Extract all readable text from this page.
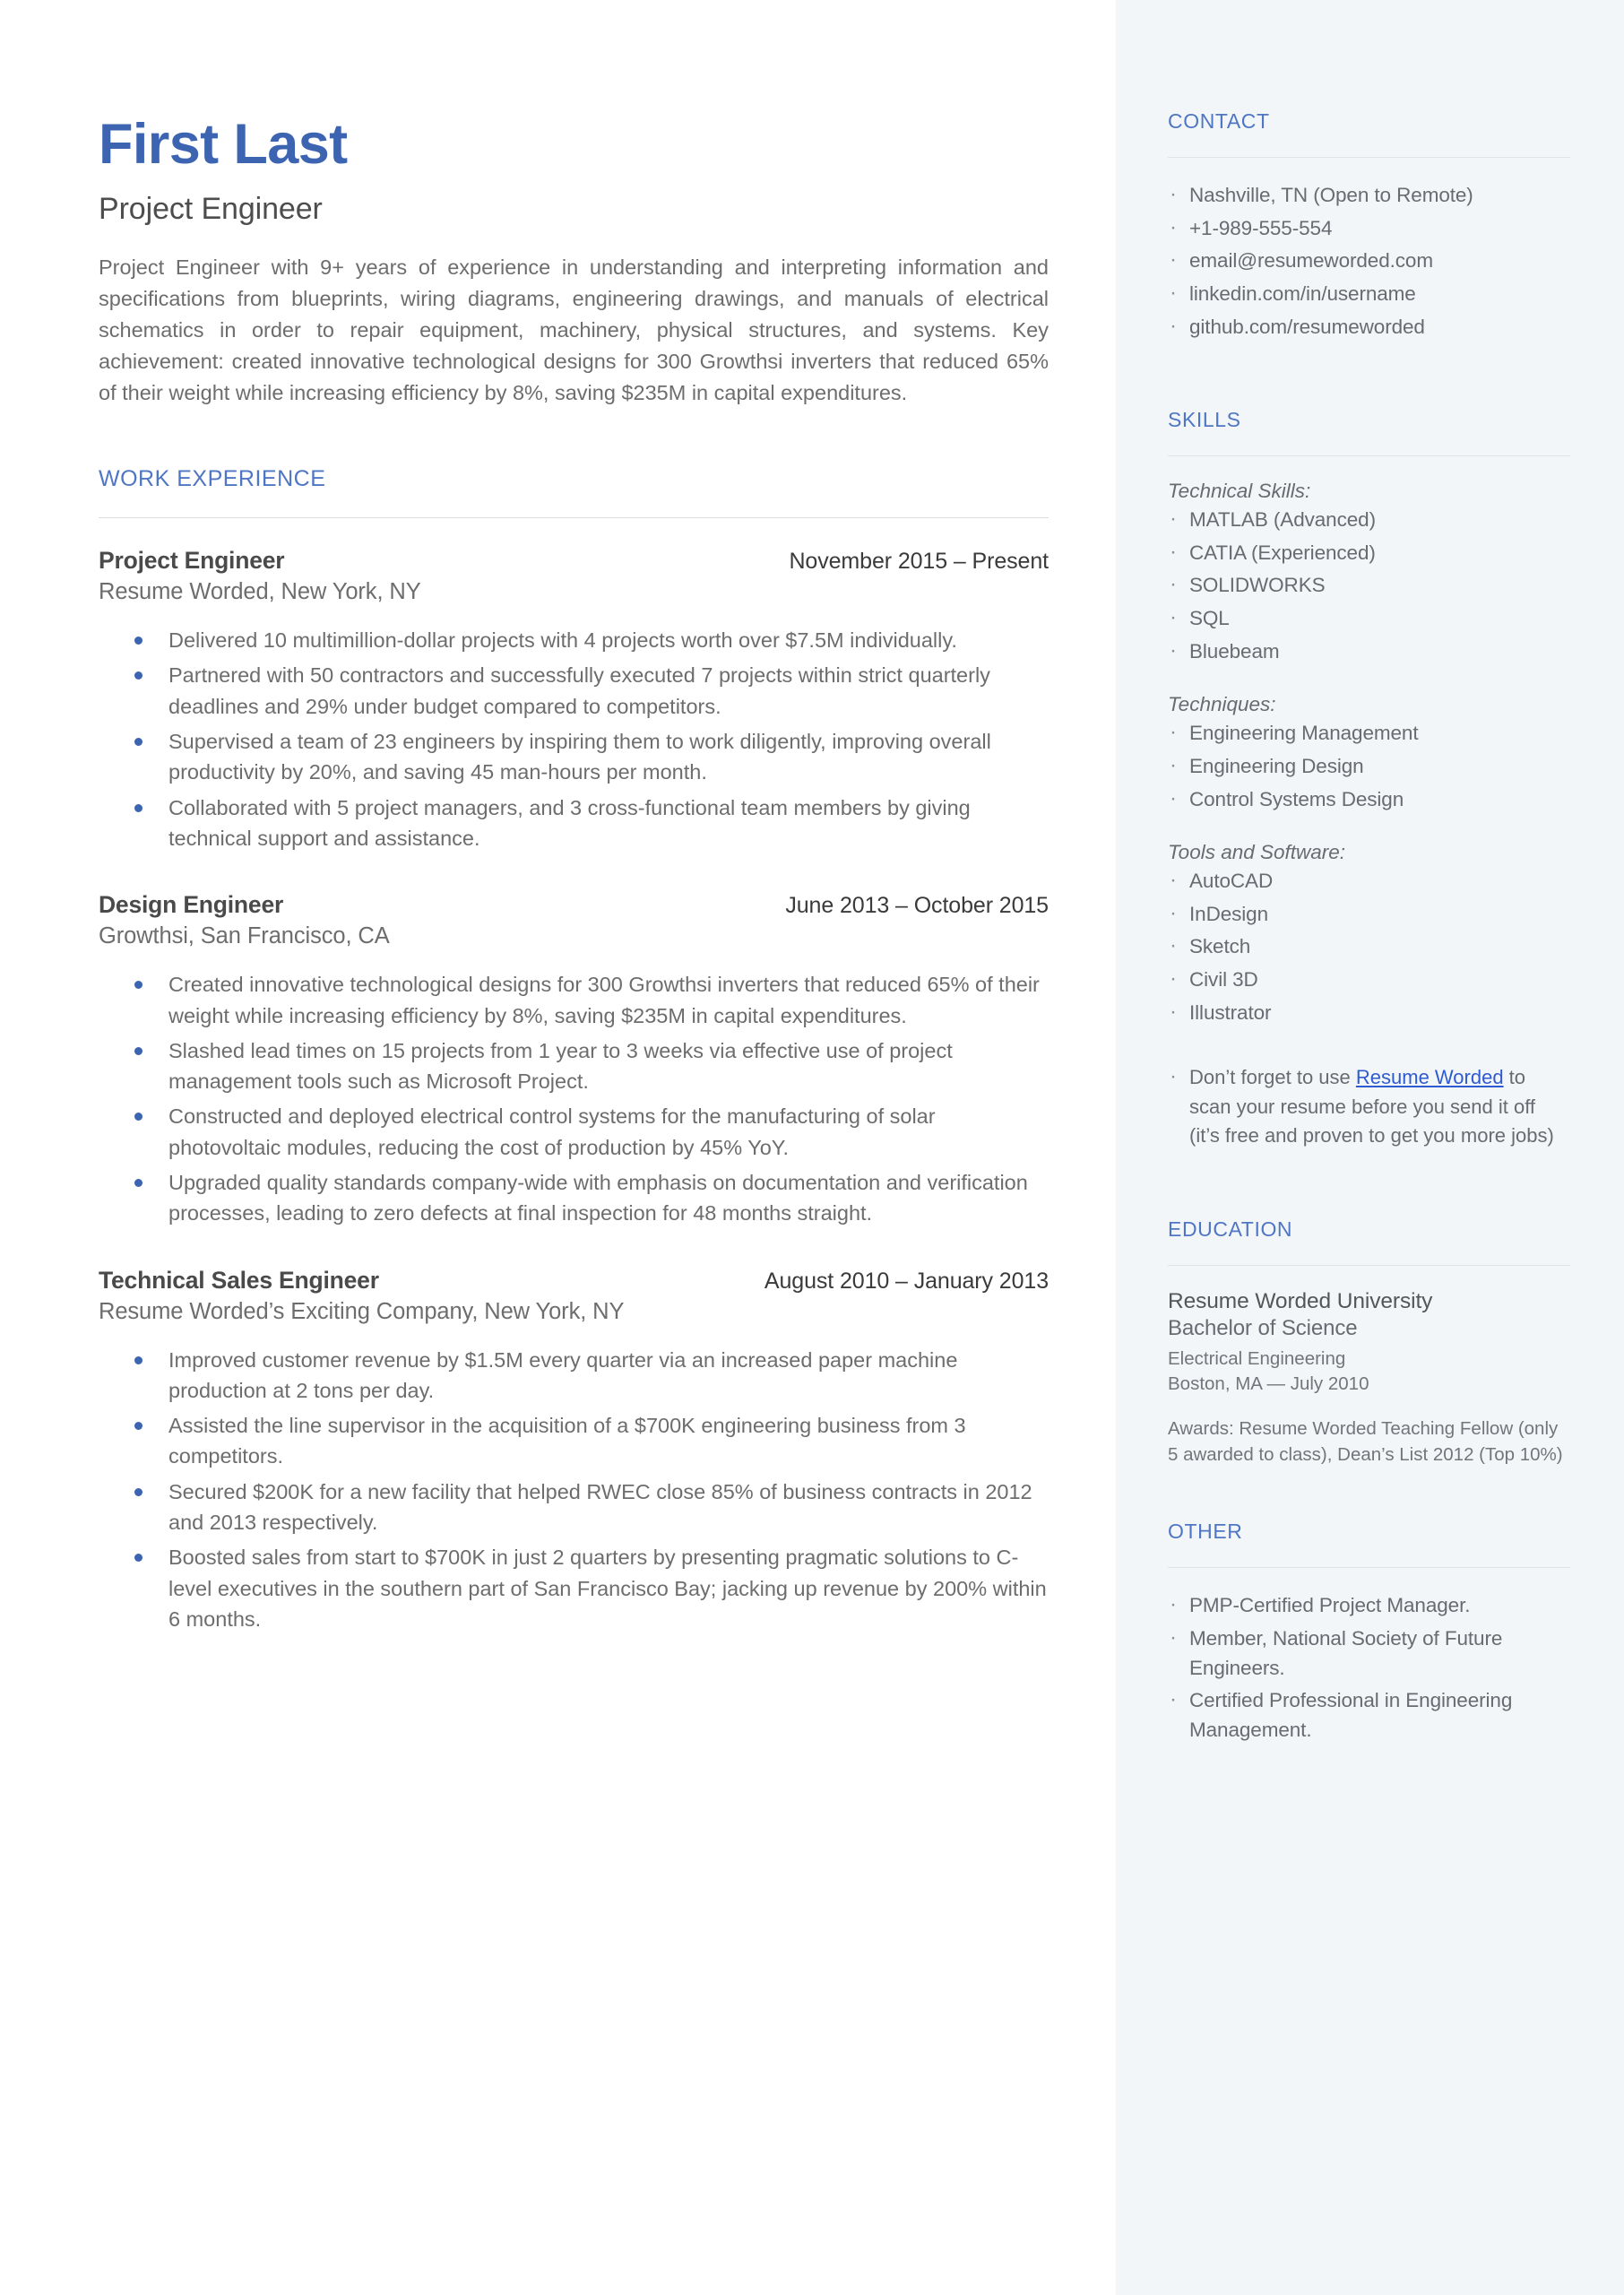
First Last
Project Engineer

Project Engineer with 9+ years of experience in understanding and interpreting information and specifications from blueprints, wiring diagrams, engineering drawings, and manuals of electrical schematics in order to repair equipment, machinery, physical structures, and systems. Key achievement: created innovative technological designs for 300 Growthsi inverters that reduced 65% of their weight while increasing efficiency by 8%, saving $235M in capital expenditures.

WORK EXPERIENCE
Project Engineer	November 2015 – Present
Resume Worded, New York, NY
Delivered 10 multimillion-dollar projects with 4 projects worth over $7.5M individually.
Partnered with 50 contractors and successfully executed 7 projects within strict quarterly deadlines and 29% under budget compared to competitors.
Supervised a team of 23 engineers by inspiring them to work diligently, improving overall productivity by 20%, and saving 45 man-hours per month.
Collaborated with 5 project managers, and 3 cross-functional team members by giving technical support and assistance.
Design Engineer	June 2013 – October 2015
Growthsi, San Francisco, CA
Created innovative technological designs for 300 Growthsi inverters that reduced 65% of their weight while increasing efficiency by 8%, saving $235M in capital expenditures.
Slashed lead times on 15 projects from 1 year to 3 weeks via effective use of project management tools such as Microsoft Project.
Constructed and deployed electrical control systems for the manufacturing of solar photovoltaic modules, reducing the cost of production by 45% YoY.
Upgraded quality standards company-wide with emphasis on documentation and verification processes, leading to zero defects at final inspection for 48 months straight.
Technical Sales Engineer	August 2010 – January 2013
Resume Worded’s Exciting Company, New York, NY
Improved customer revenue by $1.5M every quarter via an increased paper machine production at 2 tons per day.
Assisted the line supervisor in the acquisition of a $700K engineering business from 3 competitors.
Secured $200K for a new facility that helped RWEC close 85% of business contracts in 2012 and 2013 respectively.
Boosted sales from start to $700K in just 2 quarters by presenting pragmatic solutions to C- level executives in the southern part of San Francisco Bay; jacking up revenue by 200% within 6 months.
CONTACT
· Nashville, TN (Open to Remote)
· +1-989-555-554
· email@resumeworded.com
· linkedin.com/in/username
· github.com/resumeworded
SKILLS
Technical Skills:
· MATLAB (Advanced)
· CATIA (Experienced)
· SOLIDWORKS
· SQL
· Bluebeam
Techniques:
· Engineering Management
· Engineering Design
· Control Systems Design
Tools and Software:
· AutoCAD
· InDesign
· Sketch
· Civil 3D
· Illustrator
· Don’t forget to use Resume Worded to scan your resume before you send it off (it’s free and proven to get you more jobs)
EDUCATION
Resume Worded University
Bachelor of Science
Electrical Engineering
Boston, MA — July 2010
Awards: Resume Worded Teaching Fellow (only 5 awarded to class), Dean’s List 2012 (Top 10%)
OTHER
· PMP-Certified Project Manager.
· Member, National Society of Future Engineers.
· Certified Professional in Engineering Management.
